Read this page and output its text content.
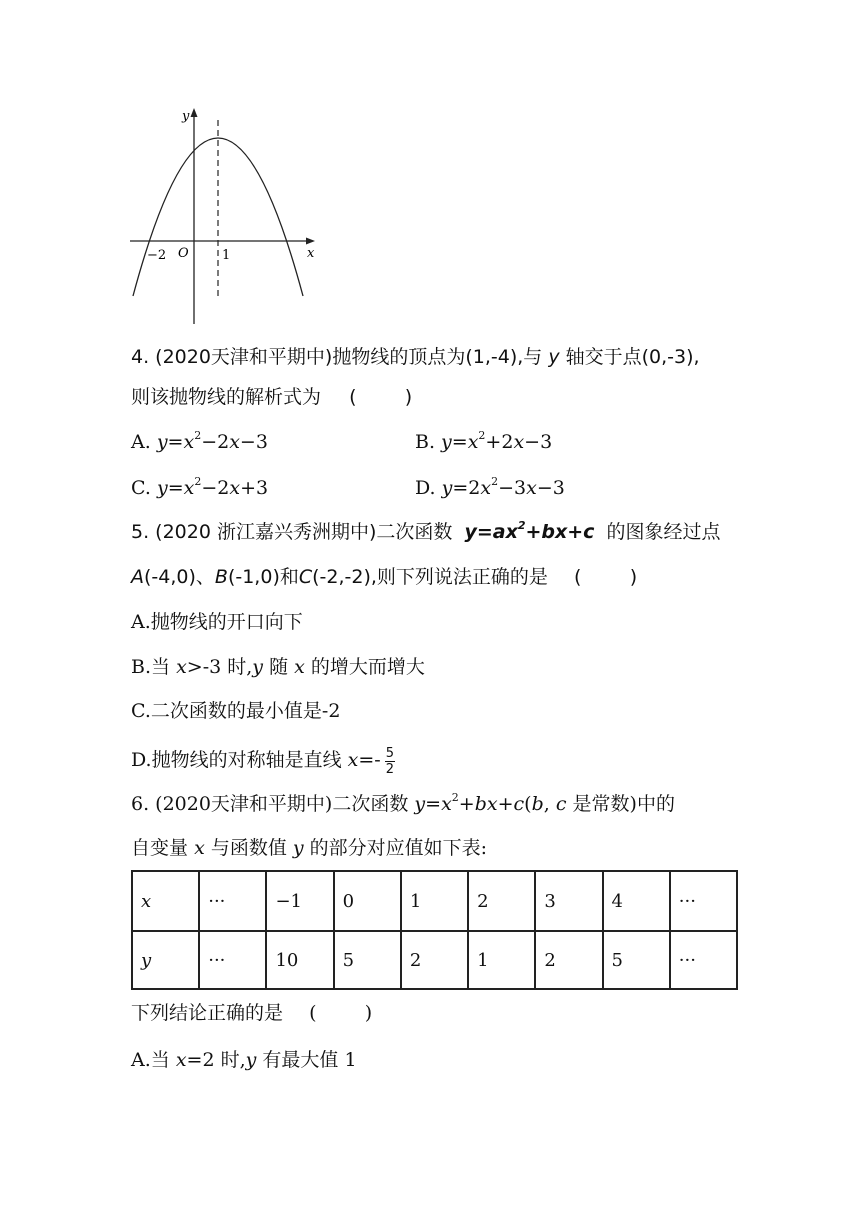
y
x
O
−2	1
4. (2020天津和平期中)抛物线的顶点为(1,-4),与 y 轴交于点(0,-3),
则该抛物线的解析式为 (        )
A. $y=x^2-2x-3$	B. $y=x^2+2x-3$
C. $y=x^2-2x+3$	D. $y=2x^2-3x-3$
5. (2020 浙江嘉兴秀洲期中)二次函数 $y=ax^2+bx+c$ 的图象经过点
A(-4,0)、B(-1,0)和C(-2,-2),则下列说法正确的是 (        )
A.抛物线的开口向下
B.当 x>-3 时,y 随 x 的增大而增大
C.二次函数的最小值是-2
D.抛物线的对称轴是直线 $x=- \frac{5}{2}$
6. (2020天津和平期中)二次函数 $y=x^2+bx+c(b$, c 是常数)中的
自变量 x 与函数值 y 的部分对应值如下表:
x	···	−1	0	1	2	3	4	···
y	···	10	5	2	1	2	5	···
下列结论正确的是 (        )
A.当 x=2 时,y 有最大值 1
